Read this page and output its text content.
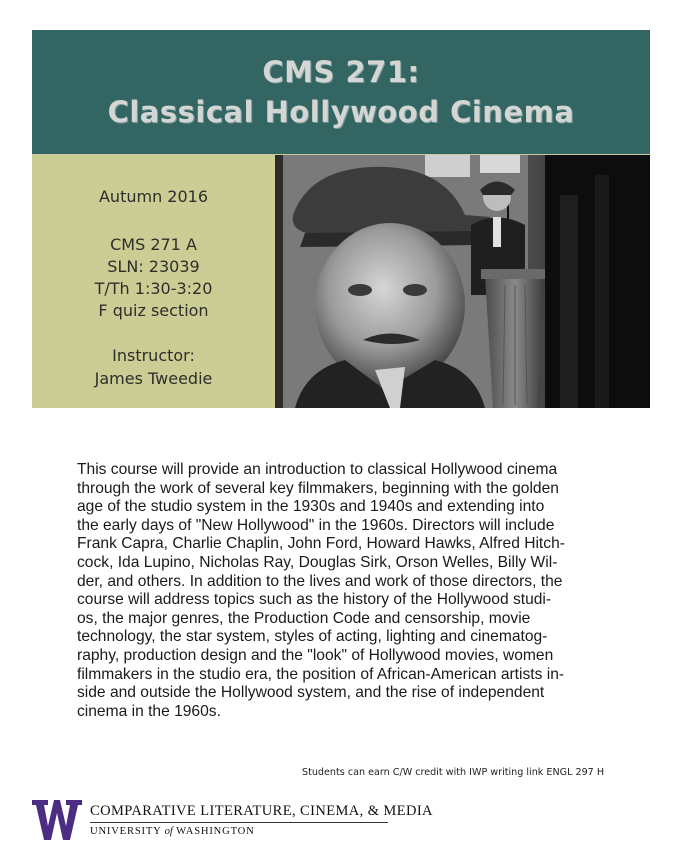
CMS 271:
Classical Hollywood Cinema
Autumn 2016
CMS 271 A
SLN: 23039
T/Th 1:30-3:20
F quiz section
Instructor:
James Tweedie
This course will provide an introduction to classical Hollywood cinema
through the work of several key filmmakers, beginning with the golden
age of the studio system in the 1930s and 1940s and extending into
the early days of "New Hollywood" in the 1960s. Directors will include
Frank Capra, Charlie Chaplin, John Ford, Howard Hawks, Alfred Hitch-
cock, Ida Lupino, Nicholas Ray, Douglas Sirk, Orson Welles, Billy Wil-
der, and others. In addition to the lives and work of those directors, the
course will address topics such as the history of the Hollywood studi-
os, the major genres, the Production Code and censorship, movie
technology, the star system, styles of acting, lighting and cinematog-
raphy, production design and the "look" of Hollywood movies, women
filmmakers in the studio era, the position of African-American artists in-
side and outside the Hollywood system, and the rise of independent
cinema in the 1960s.
Students can earn C/W credit with IWP writing link ENGL 297 H
COMPARATIVE LITERATURE, CINEMA, & MEDIA
UNIVERSITY of WASHINGTON
